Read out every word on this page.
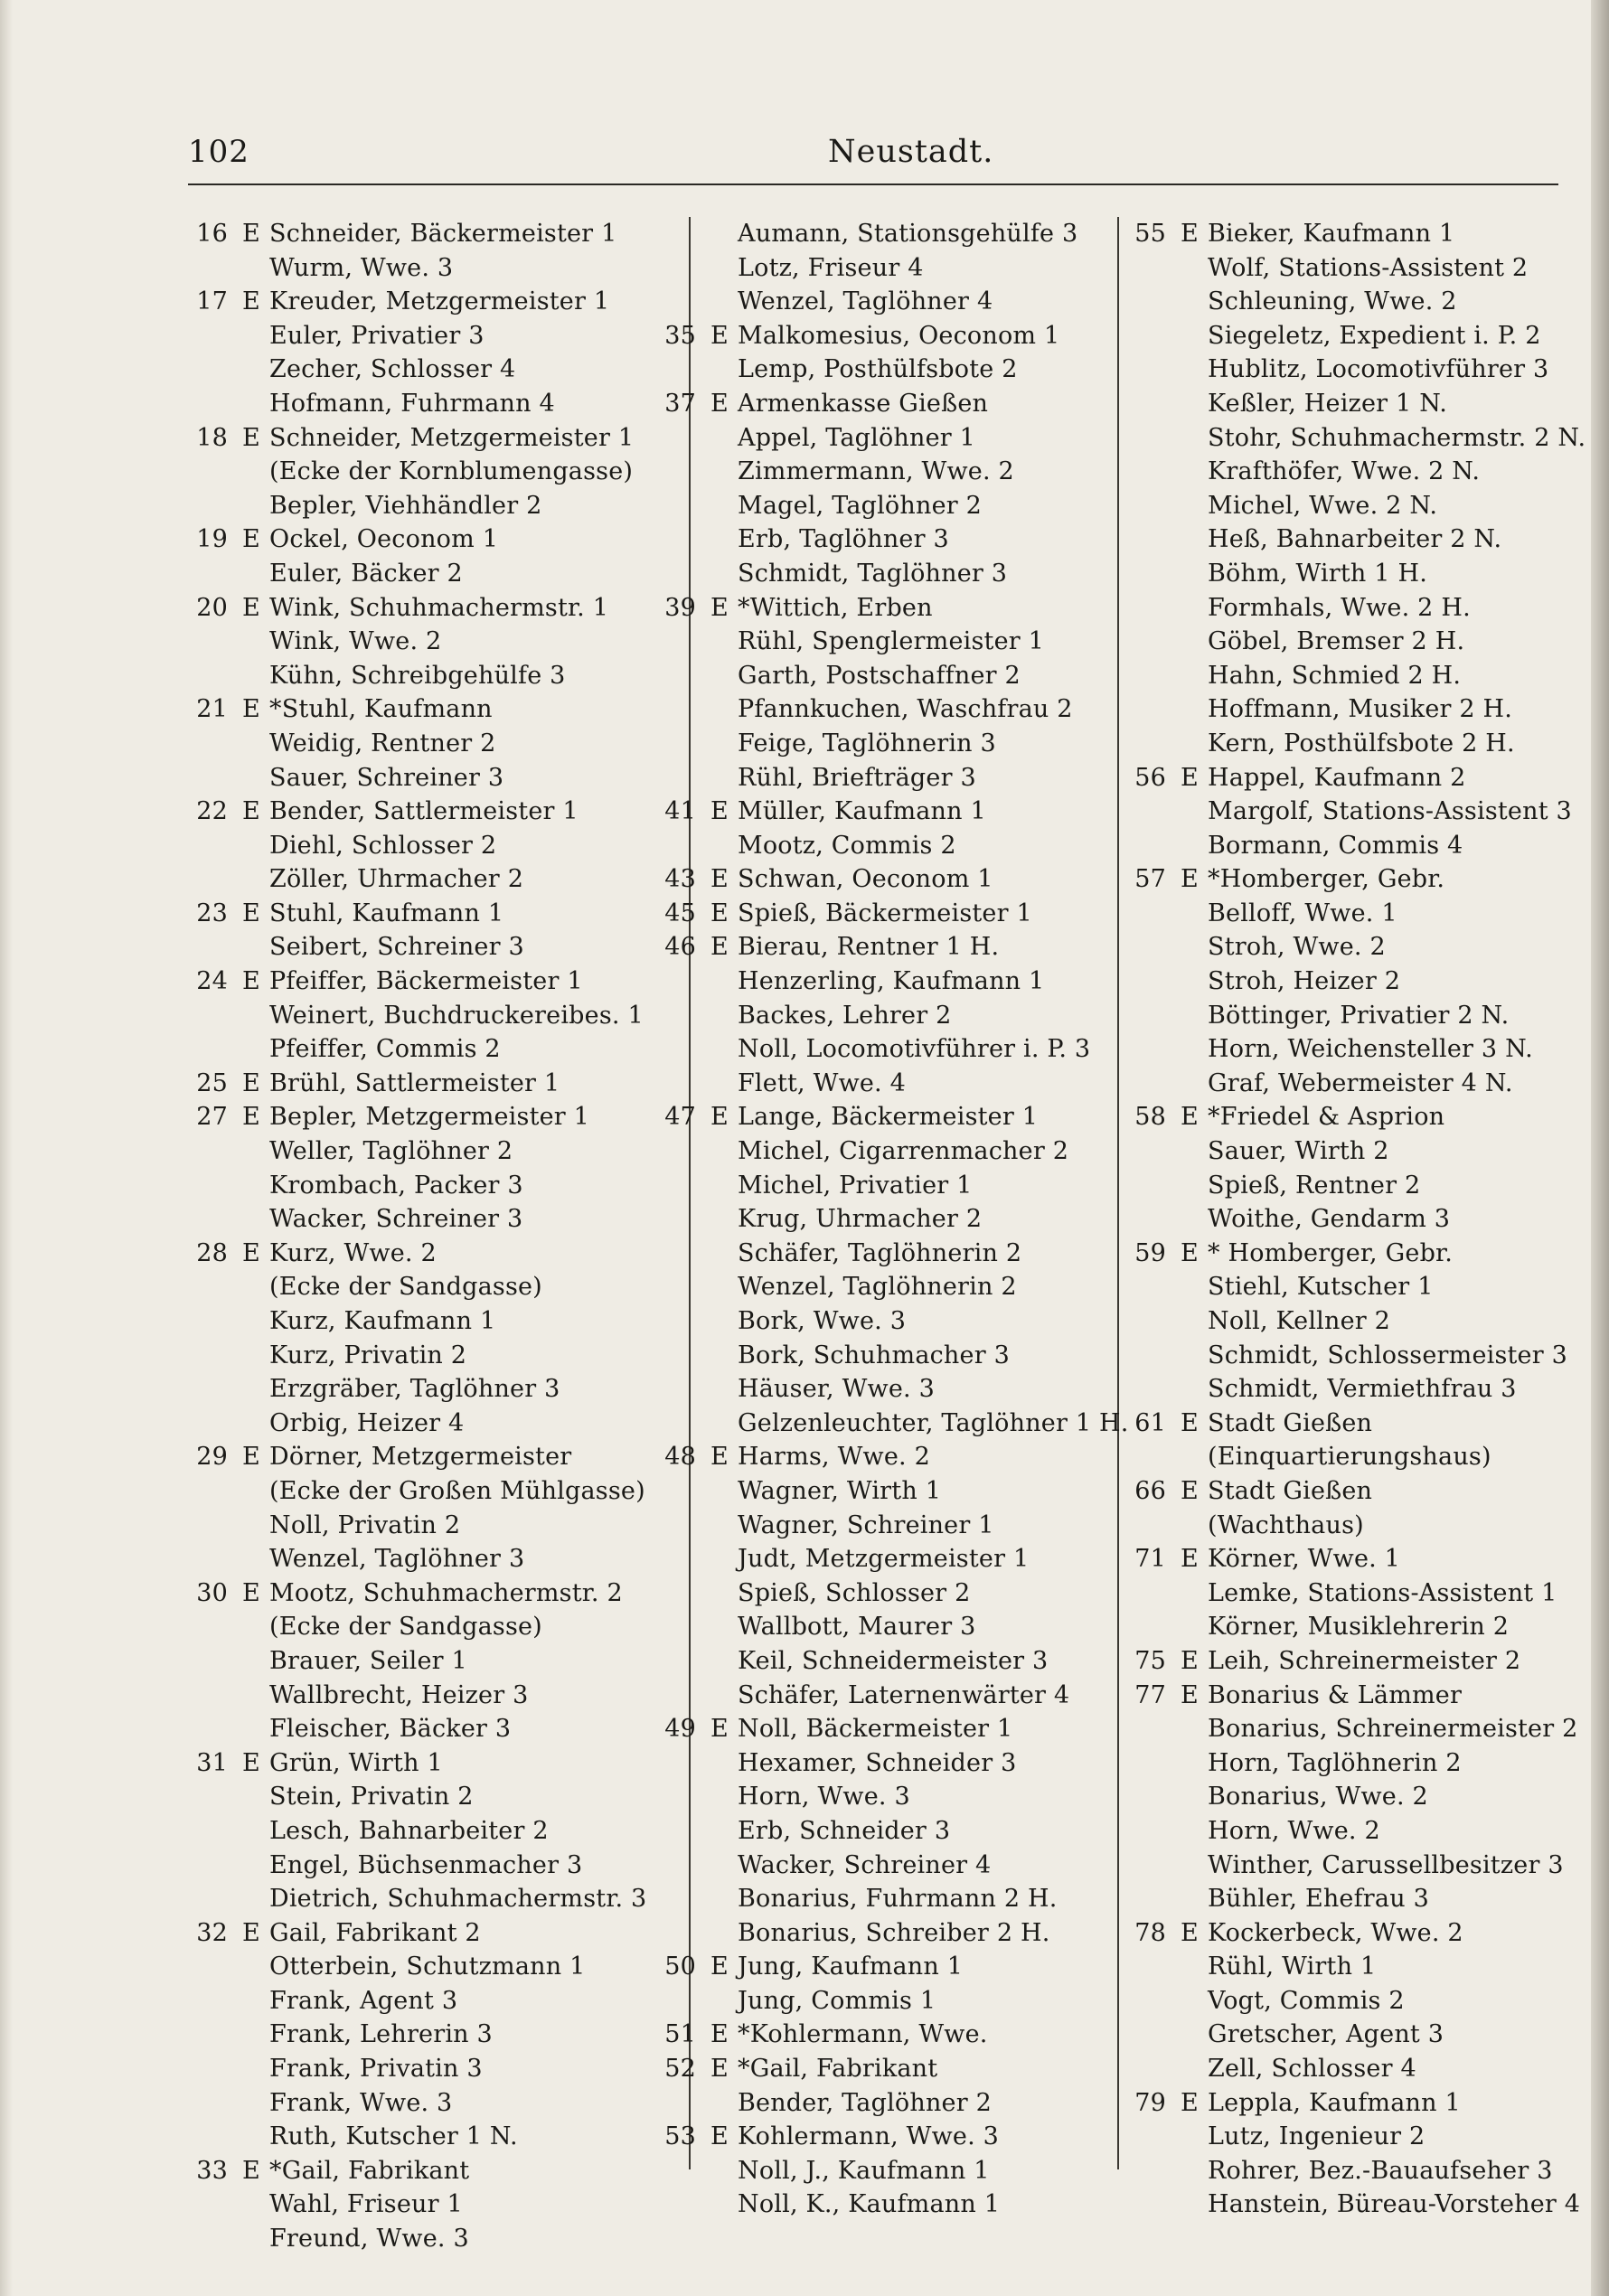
102	Neustadt.
16 E Schneider, Bäckermeister 1
Wurm, Wwe. 3
17 E Kreuder, Metzgermeister 1
Euler, Privatier 3
Zecher, Schlosser 4
Hofmann, Fuhrmann 4
18 E Schneider, Metzgermeister 1
(Ecke der Kornblumengasse)
Bepler, Viehhändler 2
19 E Ockel, Oeconom 1
Euler, Bäcker 2
20 E Wink, Schuhmachermstr. 1
Wink, Wwe. 2
Kühn, Schreibgehülfe 3
21 E *Stuhl, Kaufmann
Weidig, Rentner 2
Sauer, Schreiner 3
22 E Bender, Sattlermeister 1
Diehl, Schlosser 2
Zöller, Uhrmacher 2
23 E Stuhl, Kaufmann 1
Seibert, Schreiner 3
24 E Pfeiffer, Bäckermeister 1
Weinert, Buchdruckereibes. 1
Pfeiffer, Commis 2
25 E Brühl, Sattlermeister 1
27 E Bepler, Metzgermeister 1
Weller, Taglöhner 2
Krombach, Packer 3
Wacker, Schreiner 3
28 E Kurz, Wwe. 2
(Ecke der Sandgasse)
Kurz, Kaufmann 1
Kurz, Privatin 2
Erzgräber, Taglöhner 3
Orbig, Heizer 4
29 E Dörner, Metzgermeister
(Ecke der Großen Mühlgasse)
Noll, Privatin 2
Wenzel, Taglöhner 3
30 E Mootz, Schuhmachermstr. 2
(Ecke der Sandgasse)
Brauer, Seiler 1
Wallbrecht, Heizer 3
Fleischer, Bäcker 3
31 E Grün, Wirth 1
Stein, Privatin 2
Lesch, Bahnarbeiter 2
Engel, Büchsenmacher 3
Dietrich, Schuhmachermstr. 3
32 E Gail, Fabrikant 2
Otterbein, Schutzmann 1
Frank, Agent 3
Frank, Lehrerin 3
Frank, Privatin 3
Frank, Wwe. 3
Ruth, Kutscher 1 N.
33 E *Gail, Fabrikant
Wahl, Friseur 1
Freund, Wwe. 3
Aumann, Stationsgehülfe 3
Lotz, Friseur 4
Wenzel, Taglöhner 4
35 E Malkomesius, Oeconom 1
Lemp, Posthülfsbote 2
37 E Armenkasse Gießen
Appel, Taglöhner 1
Zimmermann, Wwe. 2
Magel, Taglöhner 2
Erb, Taglöhner 3
Schmidt, Taglöhner 3
39 E *Wittich, Erben
Rühl, Spenglermeister 1
Garth, Postschaffner 2
Pfannkuchen, Waschfrau 2
Feige, Taglöhnerin 3
Rühl, Briefträger 3
41 E Müller, Kaufmann 1
Mootz, Commis 2
43 E Schwan, Oeconom 1
45 E Spieß, Bäckermeister 1
46 E Bierau, Rentner 1 H.
Henzerling, Kaufmann 1
Backes, Lehrer 2
Noll, Locomotivführer i. P. 3
Flett, Wwe. 4
47 E Lange, Bäckermeister 1
Michel, Cigarrenmacher 2
Michel, Privatier 1
Krug, Uhrmacher 2
Schäfer, Taglöhnerin 2
Wenzel, Taglöhnerin 2
Bork, Wwe. 3
Bork, Schuhmacher 3
Häuser, Wwe. 3
Gelzenleuchter, Taglöhner 1 H.
48 E Harms, Wwe. 2
Wagner, Wirth 1
Wagner, Schreiner 1
Judt, Metzgermeister 1
Spieß, Schlosser 2
Wallbott, Maurer 3
Keil, Schneidermeister 3
Schäfer, Laternenwärter 4
49 E Noll, Bäckermeister 1
Hexamer, Schneider 3
Horn, Wwe. 3
Erb, Schneider 3
Wacker, Schreiner 4
Bonarius, Fuhrmann 2 H.
Bonarius, Schreiber 2 H.
50 E Jung, Kaufmann 1
Jung, Commis 1
51 E *Kohlermann, Wwe.
52 E *Gail, Fabrikant
Bender, Taglöhner 2
53 E Kohlermann, Wwe. 3
Noll, J., Kaufmann 1
Noll, K., Kaufmann 1
55 E Bieker, Kaufmann 1
Wolf, Stations-Assistent 2
Schleuning, Wwe. 2
Siegeletz, Expedient i. P. 2
Hublitz, Locomotivführer 3
Keßler, Heizer 1 N.
Stohr, Schuhmachermstr. 2 N.
Krafthöfer, Wwe. 2 N.
Michel, Wwe. 2 N.
Heß, Bahnarbeiter 2 N.
Böhm, Wirth 1 H.
Formhals, Wwe. 2 H.
Göbel, Bremser 2 H.
Hahn, Schmied 2 H.
Hoffmann, Musiker 2 H.
Kern, Posthülfsbote 2 H.
56 E Happel, Kaufmann 2
Margolf, Stations-Assistent 3
Bormann, Commis 4
57 E *Homberger, Gebr.
Belloff, Wwe. 1
Stroh, Wwe. 2
Stroh, Heizer 2
Böttinger, Privatier 2 N.
Horn, Weichensteller 3 N.
Graf, Webermeister 4 N.
58 E *Friedel & Asprion
Sauer, Wirth 2
Spieß, Rentner 2
Woithe, Gendarm 3
59 E * Homberger, Gebr.
Stiehl, Kutscher 1
Noll, Kellner 2
Schmidt, Schlossermeister 3
Schmidt, Vermiethfrau 3
61 E Stadt Gießen
(Einquartierungshaus)
66 E Stadt Gießen
(Wachthaus)
71 E Körner, Wwe. 1
Lemke, Stations-Assistent 1
Körner, Musiklehrerin 2
75 E Leih, Schreinermeister 2
77 E Bonarius & Lämmer
Bonarius, Schreinermeister 2
Horn, Taglöhnerin 2
Bonarius, Wwe. 2
Horn, Wwe. 2
Winther, Carussellbesitzer 3
Bühler, Ehefrau 3
78 E Kockerbeck, Wwe. 2
Rühl, Wirth 1
Vogt, Commis 2
Gretscher, Agent 3
Zell, Schlosser 4
79 E Leppla, Kaufmann 1
Lutz, Ingenieur 2
Rohrer, Bez.-Bauaufseher 3
Hanstein, Büreau-Vorsteher 4
